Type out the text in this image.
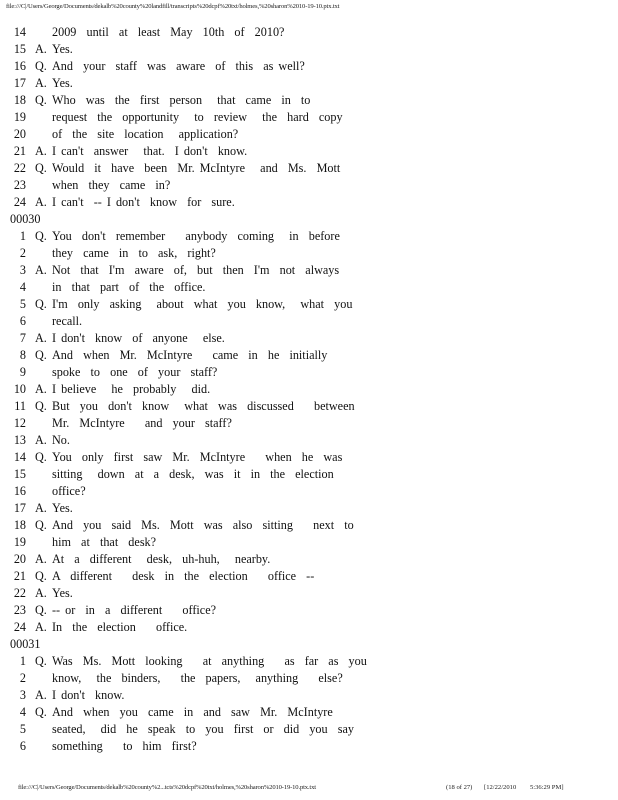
file:///C|/Users/George/Documents/dekalb%20county%20landfill/transcripts%20dcpf%20txt/holmes,%20sharon%2010-19-10.ptx.txt
14 2009  until  at  least  May  10th  of  2010?
15 A. Yes.
16 Q. And  your  staff  was  aware  of  this  as well?
17 A. Yes.
18 Q. Who  was  the  first  person   that  came  in  to
19 request  the  opportunity   to  review   the  hard  copy
20 of  the  site  location   application?
21 A. I can't  answer   that.  I don't  know.
22 Q. Would  it  have  been  Mr. McIntyre   and  Ms.  Mott
23 when  they  came  in?
24 A. I can't  -- I don't  know  for  sure.
00030
1 Q. You  don't  remember    anybody  coming   in  before
2 they  came  in  to  ask,  right?
3 A. Not  that  I'm  aware  of,  but  then  I'm  not  always
4 in  that  part  of  the  office.
5 Q. I'm  only  asking   about  what  you  know,   what  you
6 recall.
7 A. I don't  know  of  anyone   else.
8 Q. And  when  Mr.  McIntyre    came  in  he  initially
9 spoke  to  one  of  your  staff?
10 A. I believe   he  probably   did.
11 Q. But  you  don't  know   what  was  discussed    between
12 Mr.  McIntyre    and  your  staff?
13 A. No.
14 Q. You  only  first  saw  Mr.  McIntyre    when  he  was
15 sitting   down  at  a  desk,  was  it  in  the  election
16 office?
17 A. Yes.
18 Q. And  you  said  Ms.  Mott  was  also  sitting    next  to
19 him  at  that  desk?
20 A. At  a  different   desk,  uh-huh,   nearby.
21 Q. A  different    desk  in  the  election    office  --
22 A. Yes.
23 Q. -- or  in  a  different    office?
24 A. In  the  election    office.
00031
1 Q. Was  Ms.  Mott  looking    at  anything    as  far  as  you
2 know,   the  binders,    the  papers,   anything    else?
3 A. I don't  know.
4 Q. And  when  you  came  in  and  saw  Mr.  McIntyre
5 seated,   did  he  speak  to  you  first  or  did  you  say
6 something    to  him  first?
file:///C|/Users/George/Documents/dekalb%20county%2...tcts%20dcpf%20txt/holmes,%20sharon%2010-19-10.ptx.txt	(18 of 27) [12/22/2010 5:36:29 PM]
